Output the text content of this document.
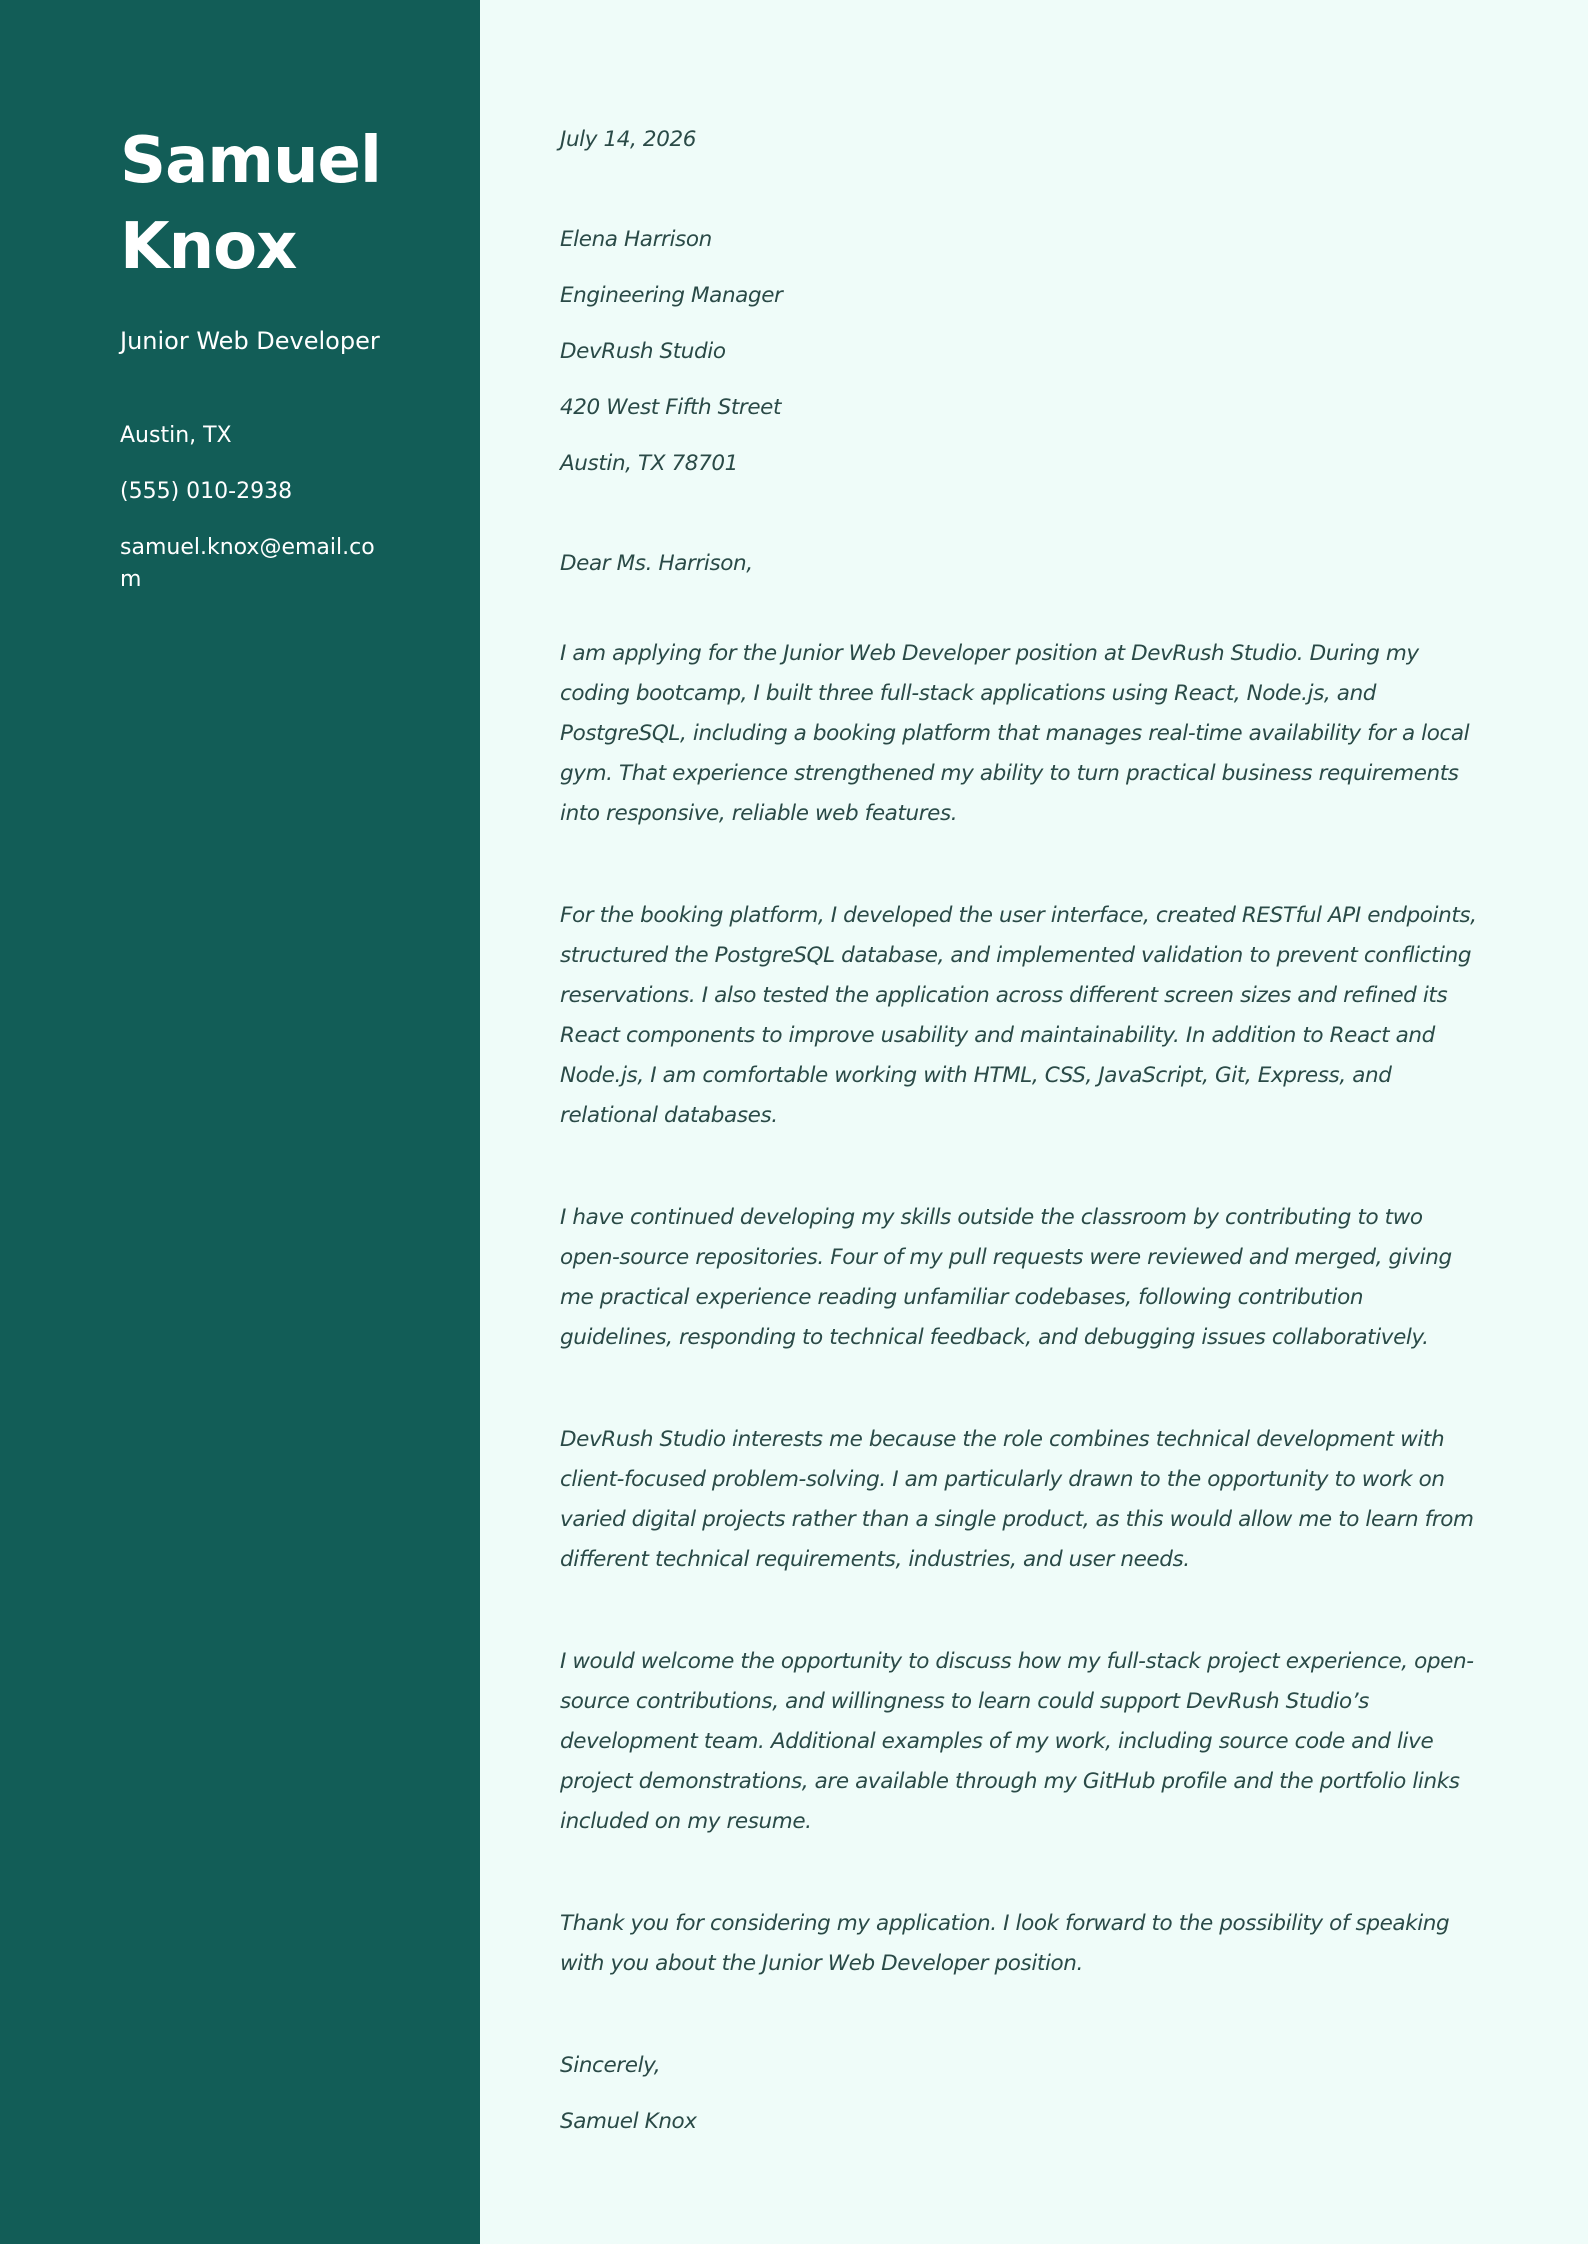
Samuel
Knox
Junior Web Developer
Austin, TX
(555) 010-2938
samuel.knox@email.com
July 14, 2026
Elena Harrison
Engineering Manager
DevRush Studio
420 West Fifth Street
Austin, TX 78701
Dear Ms. Harrison,

I am applying for the Junior Web Developer position at DevRush Studio. During my coding bootcamp, I built three full-stack applications using React, Node.js, and PostgreSQL, including a booking platform that manages real-time availability for a local gym. That experience strengthened my ability to turn practical business requirements into responsive, reliable web features.

For the booking platform, I developed the user interface, created RESTful API endpoints, structured the PostgreSQL database, and implemented validation to prevent conflicting reservations. I also tested the application across different screen sizes and refined its React components to improve usability and maintainability. In addition to React and Node.js, I am comfortable working with HTML, CSS, JavaScript, Git, Express, and relational databases.

I have continued developing my skills outside the classroom by contributing to two open-source repositories. Four of my pull requests were reviewed and merged, giving me practical experience reading unfamiliar codebases, following contribution guidelines, responding to technical feedback, and debugging issues collaboratively.

DevRush Studio interests me because the role combines technical development with client-focused problem-solving. I am particularly drawn to the opportunity to work on varied digital projects rather than a single product, as this would allow me to learn from different technical requirements, industries, and user needs.

I would welcome the opportunity to discuss how my full-stack project experience, open-source contributions, and willingness to learn could support DevRush Studio’s development team. Additional examples of my work, including source code and live project demonstrations, are available through my GitHub profile and the portfolio links included on my resume.

Thank you for considering my application. I look forward to the possibility of speaking with you about the Junior Web Developer position.

Sincerely,
Samuel Knox
